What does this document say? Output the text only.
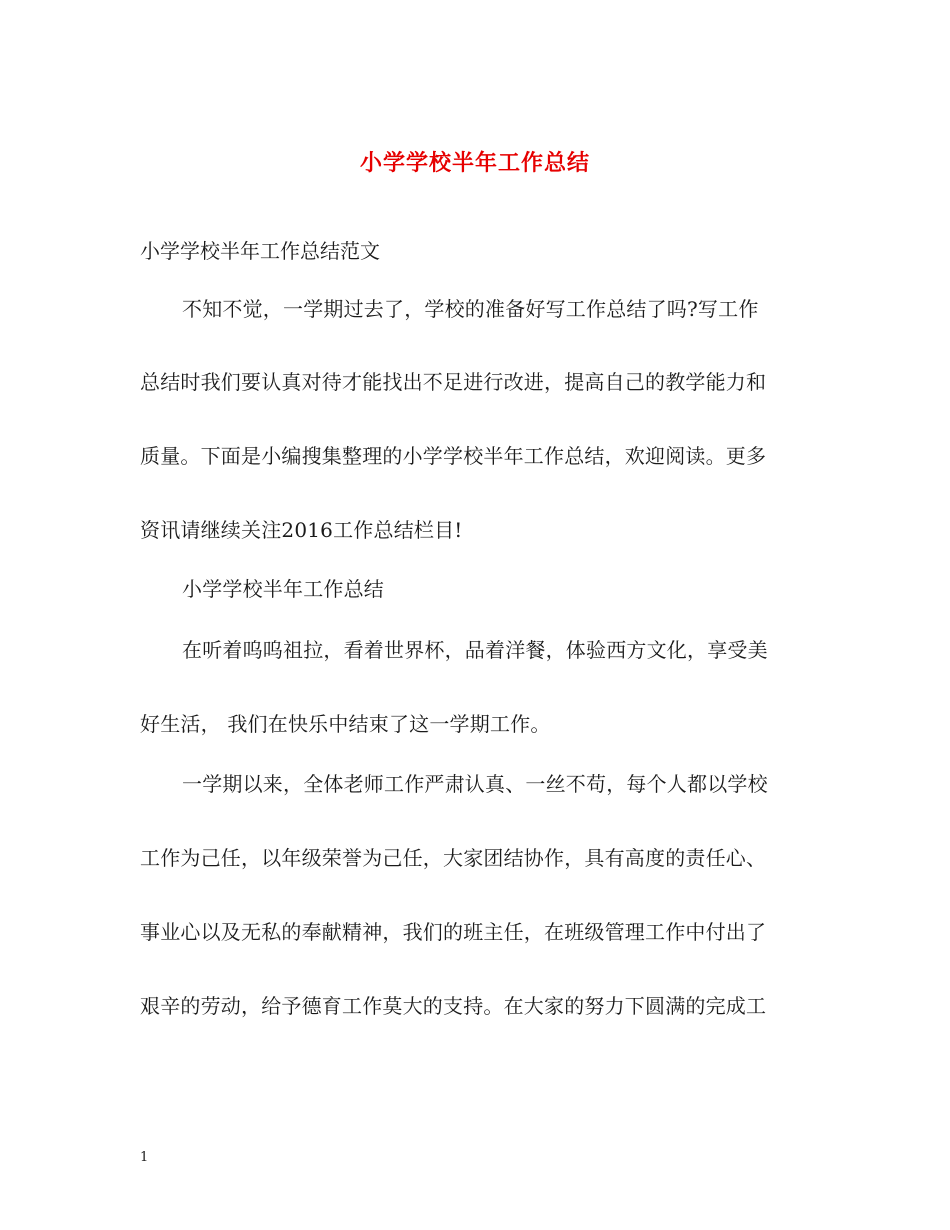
小学学校半年工作总结
小学学校半年工作总结范文
不知不觉，一学期过去了，学校的准备好写工作总结了吗?写工作
总结时我们要认真对待才能找出不足进行改进，提高自己的教学能力和
质量。下面是小编搜集整理的小学学校半年工作总结，欢迎阅读。更多
资讯请继续关注2016工作总结栏目!
小学学校半年工作总结
在听着呜呜祖拉，看着世界杯，品着洋餐，体验西方文化，享受美
好生活， 我们在快乐中结束了这一学期工作。
一学期以来，全体老师工作严肃认真、一丝不苟，每个人都以学校
工作为己任，以年级荣誉为己任，大家团结协作，具有高度的责任心、
事业心以及无私的奉献精神，我们的班主任，在班级管理工作中付出了
艰辛的劳动，给予德育工作莫大的支持。在大家的努力下圆满的完成工
1
